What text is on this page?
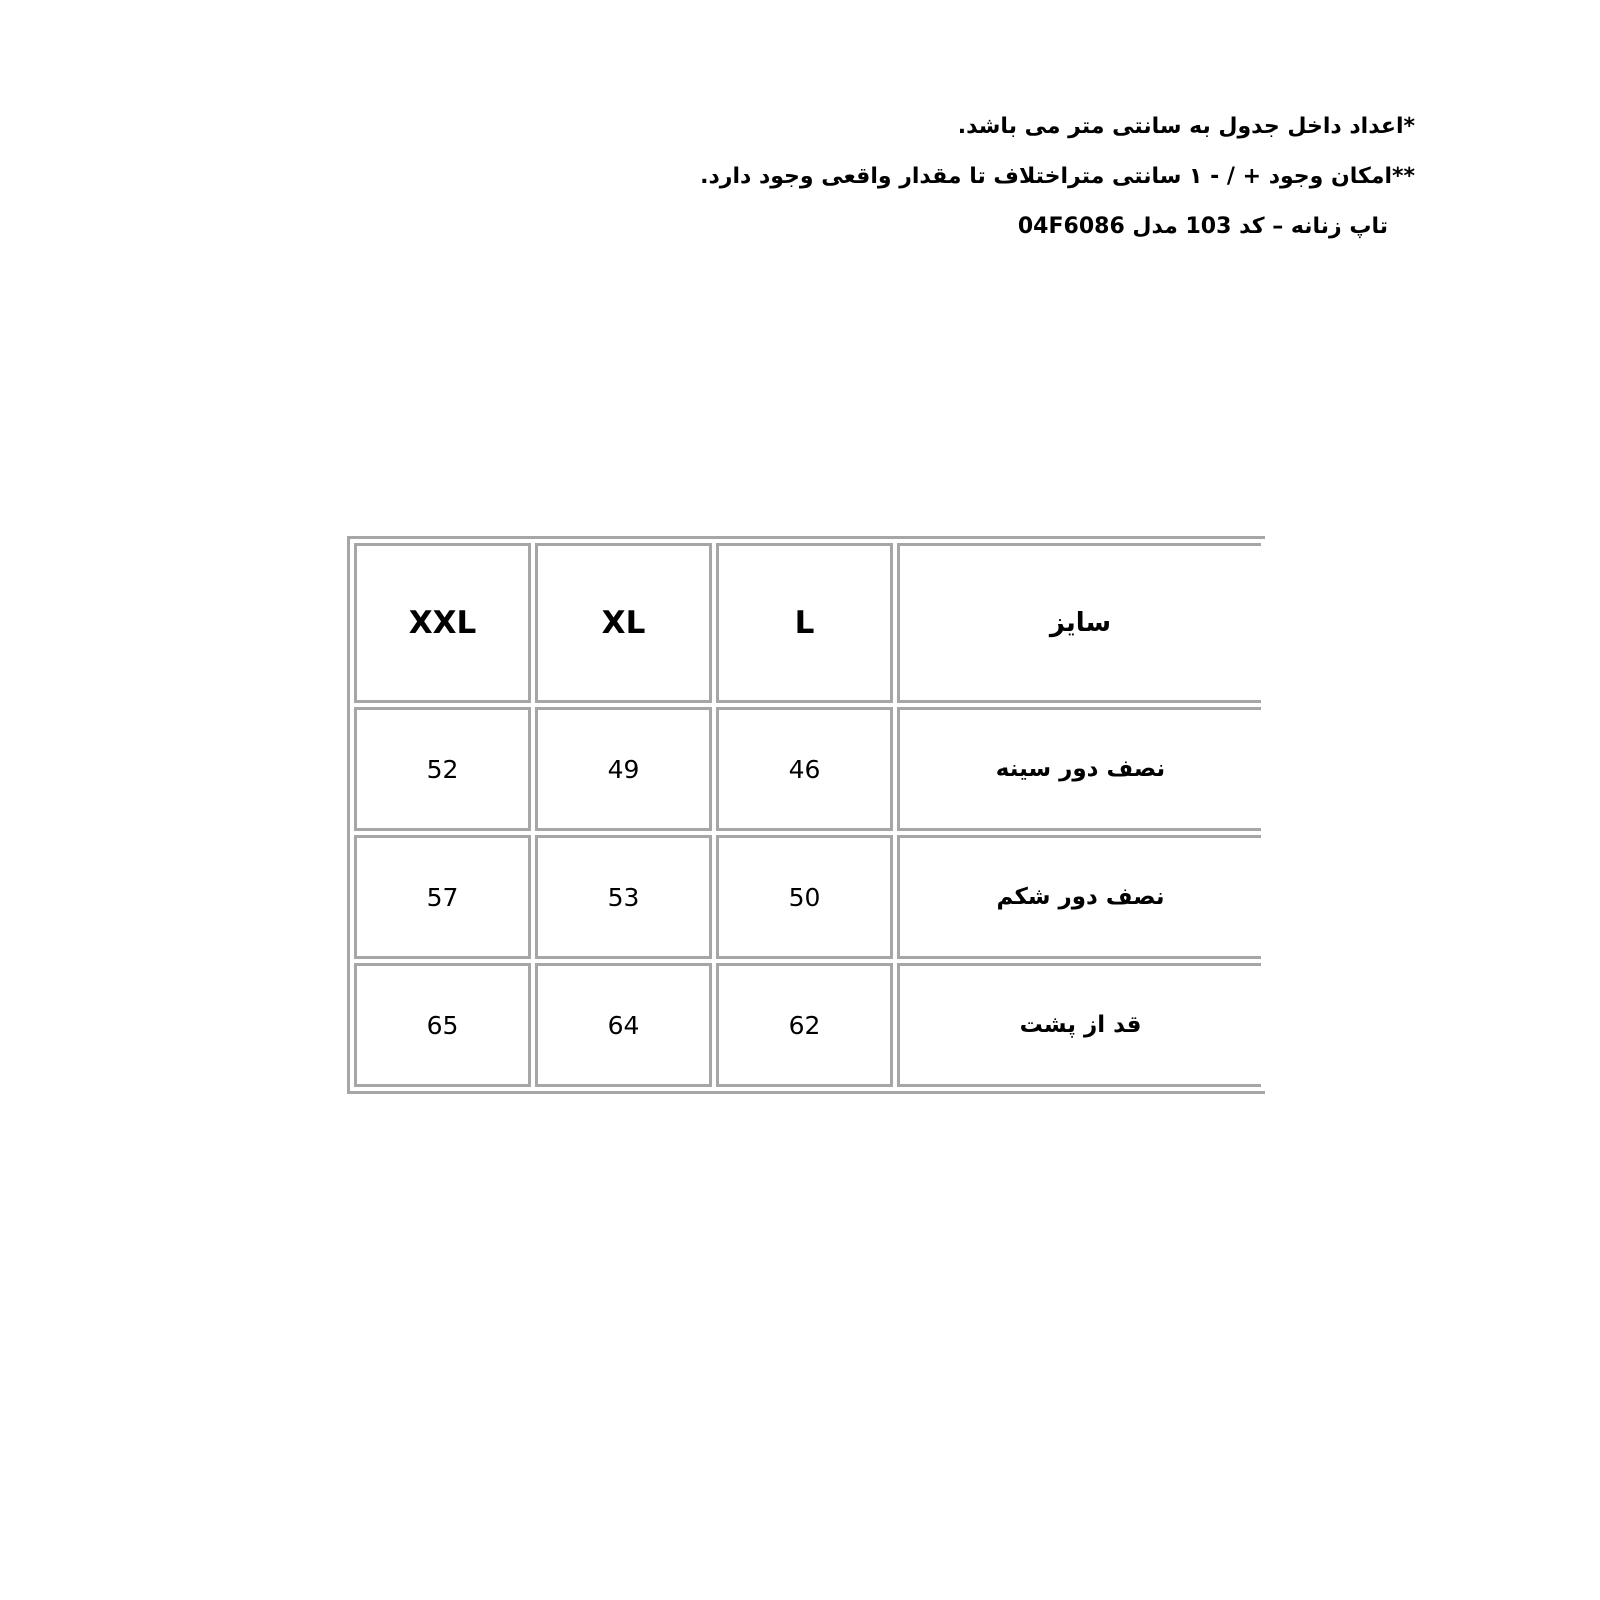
*اعداد داخل جدول به سانتی متر می باشد.
**امکان وجود + / - ۱ سانتی متراختلاف تا مقدار واقعی وجود دارد.
تاپ زنانه – کد 103 مدل 04F6086
سایز	L	XL	XXL
نصف دور سینه	46	49	52
نصف دور شکم	50	53	57
قد از پشت	62	64	65
